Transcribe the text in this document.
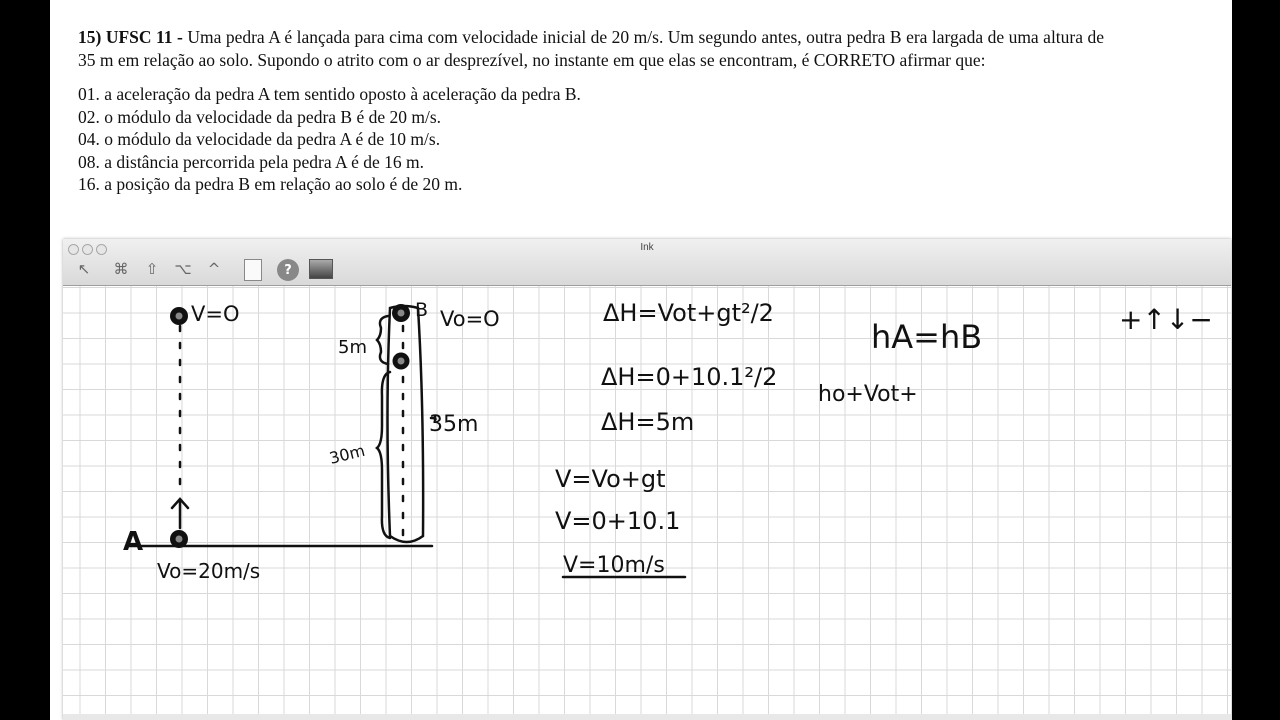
15) UFSC 11 - Uma pedra A é lançada para cima com velocidade inicial de 20 m/s. Um segundo antes, outra pedra B era largada de uma altura de 35 m em relação ao solo. Supondo o atrito com o ar desprezível, no instante em que elas se encontram, é CORRETO afirmar que:
01. a aceleração da pedra A tem sentido oposto à aceleração da pedra B.
02. o módulo da velocidade da pedra B é de 20 m/s.
04. o módulo da velocidade da pedra A é de 10 m/s.
08. a distância percorrida pela pedra A é de 16 m.
16. a posição da pedra B em relação ao solo é de 20 m.
Ink
↖ ⌘ ⇧ ⌥ ^	?
V=O	B Vo=O
5m
35m
30m
A
Vo=20m/s
ΔH=Vot+gt²/2
ΔH=0+10.1²/2
ΔH=5m
V=Vo+gt
V=0+10.1
V=10m/s
hA=hB
ho+Vot+
+↑↓−
